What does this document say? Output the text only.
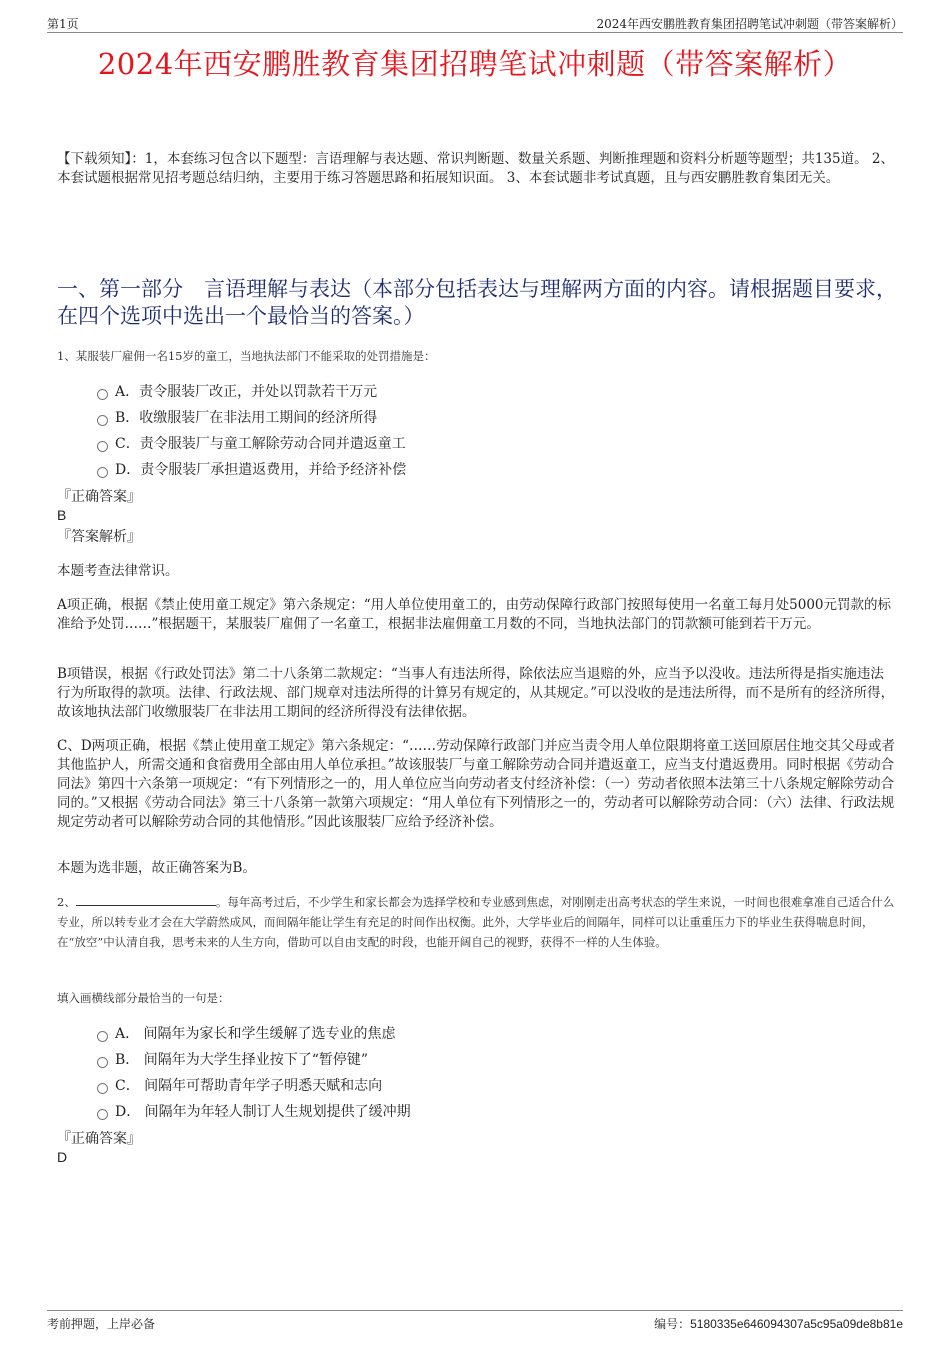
第1页	2024年西安鹏胜教育集团招聘笔试冲刺题（带答案解析）
2024年西安鹏胜教育集团招聘笔试冲刺题（带答案解析）
【下载须知】：1，本套练习包含以下题型：言语理解与表达题、常识判断题、数量关系题、判断推理题和资料分析题等题型；共135道。 2、本套试题根据常见招考题总结归纳，主要用于练习答题思路和拓展知识面。 3、本套试题非考试真题，且与西安鹏胜教育集团无关。
一、第一部分　言语理解与表达（本部分包括表达与理解两方面的内容。请根据题目要求，在四个选项中选出一个最恰当的答案。）
1、某服装厂雇佣一名15岁的童工，当地执法部门不能采取的处罚措施是：
A．责令服装厂改正，并处以罚款若干万元
B．收缴服装厂在非法用工期间的经济所得
C．责令服装厂与童工解除劳动合同并遣返童工
D．责令服装厂承担遣返费用，并给予经济补偿
『正确答案』
B
『答案解析』
本题考查法律常识。
A项正确，根据《禁止使用童工规定》第六条规定：“用人单位使用童工的，由劳动保障行政部门按照每使用一名童工每月处5000元罚款的标准给予处罚……”根据题干，某服装厂雇佣了一名童工，根据非法雇佣童工月数的不同，当地执法部门的罚款额可能到若干万元。
B项错误，根据《行政处罚法》第二十八条第二款规定：“当事人有违法所得，除依法应当退赔的外，应当予以没收。违法所得是指实施违法行为所取得的款项。法律、行政法规、部门规章对违法所得的计算另有规定的，从其规定。”可以没收的是违法所得，而不是所有的经济所得，故该地执法部门收缴服装厂在非法用工期间的经济所得没有法律依据。
C、D两项正确，根据《禁止使用童工规定》第六条规定：“……劳动保障行政部门并应当责令用人单位限期将童工送回原居住地交其父母或者其他监护人，所需交通和食宿费用全部由用人单位承担。”故该服装厂与童工解除劳动合同并遣返童工，应当支付遣返费用。同时根据《劳动合同法》第四十六条第一项规定：“有下列情形之一的，用人单位应当向劳动者支付经济补偿：（一）劳动者依照本法第三十八条规定解除劳动合同的。”又根据《劳动合同法》第三十八条第一款第六项规定：“用人单位有下列情形之一的，劳动者可以解除劳动合同：（六）法律、行政法规规定劳动者可以解除劳动合同的其他情形。”因此该服装厂应给予经济补偿。
本题为选非题，故正确答案为B。
2、	。每年高考过后，不少学生和家长都会为选择学校和专业感到焦虑，对刚刚走出高考状态的学生来说，一时间也很难拿准自己适合什么专业，所以转专业才会在大学蔚然成风，而间隔年能让学生有充足的时间作出权衡。此外，大学毕业后的间隔年，同样可以让重重压力下的毕业生获得喘息时间，在“放空”中认清自我，思考未来的人生方向，借助可以自由支配的时段，也能开阔自己的视野，获得不一样的人生体验。
填入画横线部分最恰当的一句是：
A． 间隔年为家长和学生缓解了选专业的焦虑
B． 间隔年为大学生择业按下了“暂停键”
C． 间隔年可帮助青年学子明悉天赋和志向
D． 间隔年为年轻人制订人生规划提供了缓冲期
『正确答案』
D
考前押题，上岸必备	编号：5180335e646094307a5c95a09de8b81e
